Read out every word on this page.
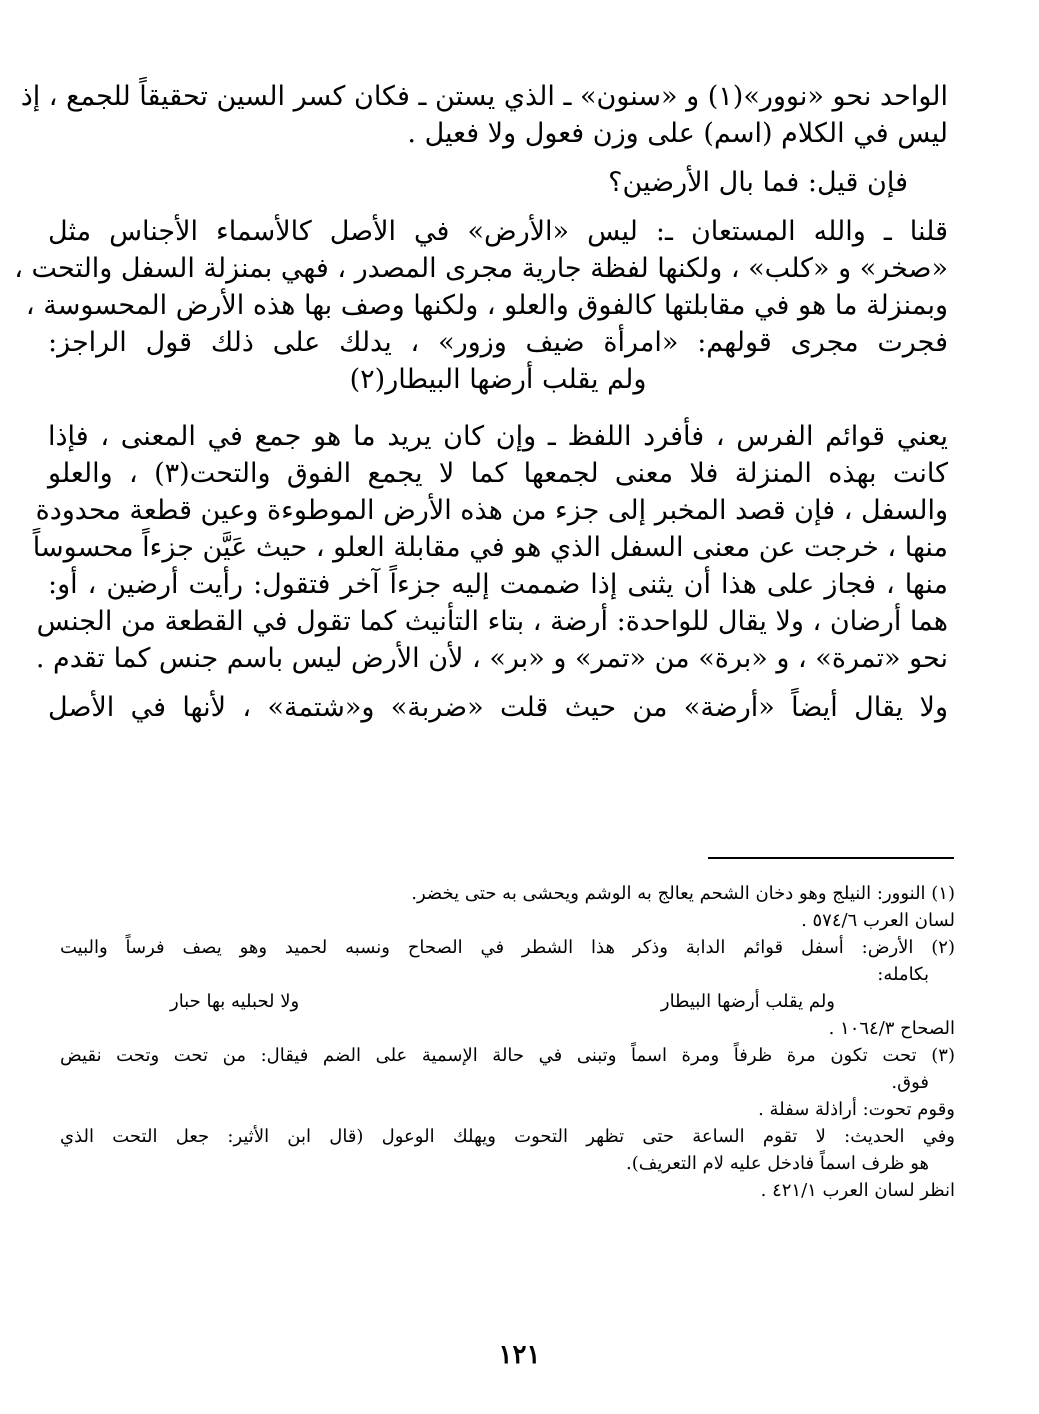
الواحد نحو «نوور»(١) و «سنون» ـ الذي يستن ـ فكان كسر السين تحقيقاً للجمع ، إذ
ليس في الكلام (اسم) على وزن فعول ولا فعيل .
فإن قيل: فما بال الأرضين؟
قلنا ـ والله المستعان ـ: ليس «الأرض» في الأصل كالأسماء الأجناس مثل
«صخر» و «كلب» ، ولكنها لفظة جارية مجرى المصدر ، فهي بمنزلة السفل والتحت ،
وبمنزلة ما هو في مقابلتها كالفوق والعلو ، ولكنها وصف بها هذه الأرض المحسوسة ،
فجرت مجرى قولهم: «امرأة ضيف وزور» ، يدلك على ذلك قول الراجز:
ولم يقلب أرضها البيطار(٢)
يعني قوائم الفرس ، فأفرد اللفظ ـ وإن كان يريد ما هو جمع في المعنى ، فإذا
كانت بهذه المنزلة فلا معنى لجمعها كما لا يجمع الفوق والتحت(٣) ، والعلو
والسفل ، فإن قصد المخبر إلى جزء من هذه الأرض الموطوءة وعين قطعة محدودة
منها ، خرجت عن معنى السفل الذي هو في مقابلة العلو ، حيث عَيَّن جزءاً محسوساً
منها ، فجاز على هذا أن يثنى إذا ضممت إليه جزءاً آخر فتقول: رأيت أرضين ، أو:
هما أرضان ، ولا يقال للواحدة: أرضة ، بتاء التأنيث كما تقول في القطعة من الجنس
نحو «تمرة» ، و «برة» من «تمر» و «بر» ، لأن الأرض ليس باسم جنس كما تقدم .
ولا يقال أيضاً «أرضة» من حيث قلت «ضربة» و«شتمة» ، لأنها في الأصل
(١) النوور: النيلج وهو دخان الشحم يعالج به الوشم ويحشى به حتى يخضر.
لسان العرب ٥٧٤/٦ .
(٢) الأرض: أسفل قوائم الدابة وذكر هذا الشطر في الصحاح ونسبه لحميد وهو يصف فرساً والبيت
بكامله:
ولم يقلب أرضها البيطار
ولا لحبليه بها حبار
الصحاح ١٠٦٤/٣ .
(٣) تحت تكون مرة ظرفاً ومرة اسماً وتبنى في حالة الإسمية على الضم فيقال: من تحت وتحت نقيض
فوق.
وقوم تحوت: أراذلة سفلة .
وفي الحديث: لا تقوم الساعة حتى تظهر التحوت ويهلك الوعول (قال ابن الأثير: جعل التحت الذي
هو ظرف اسماً فادخل عليه لام التعريف).
انظر لسان العرب ٤٢١/١ .
١٢١
